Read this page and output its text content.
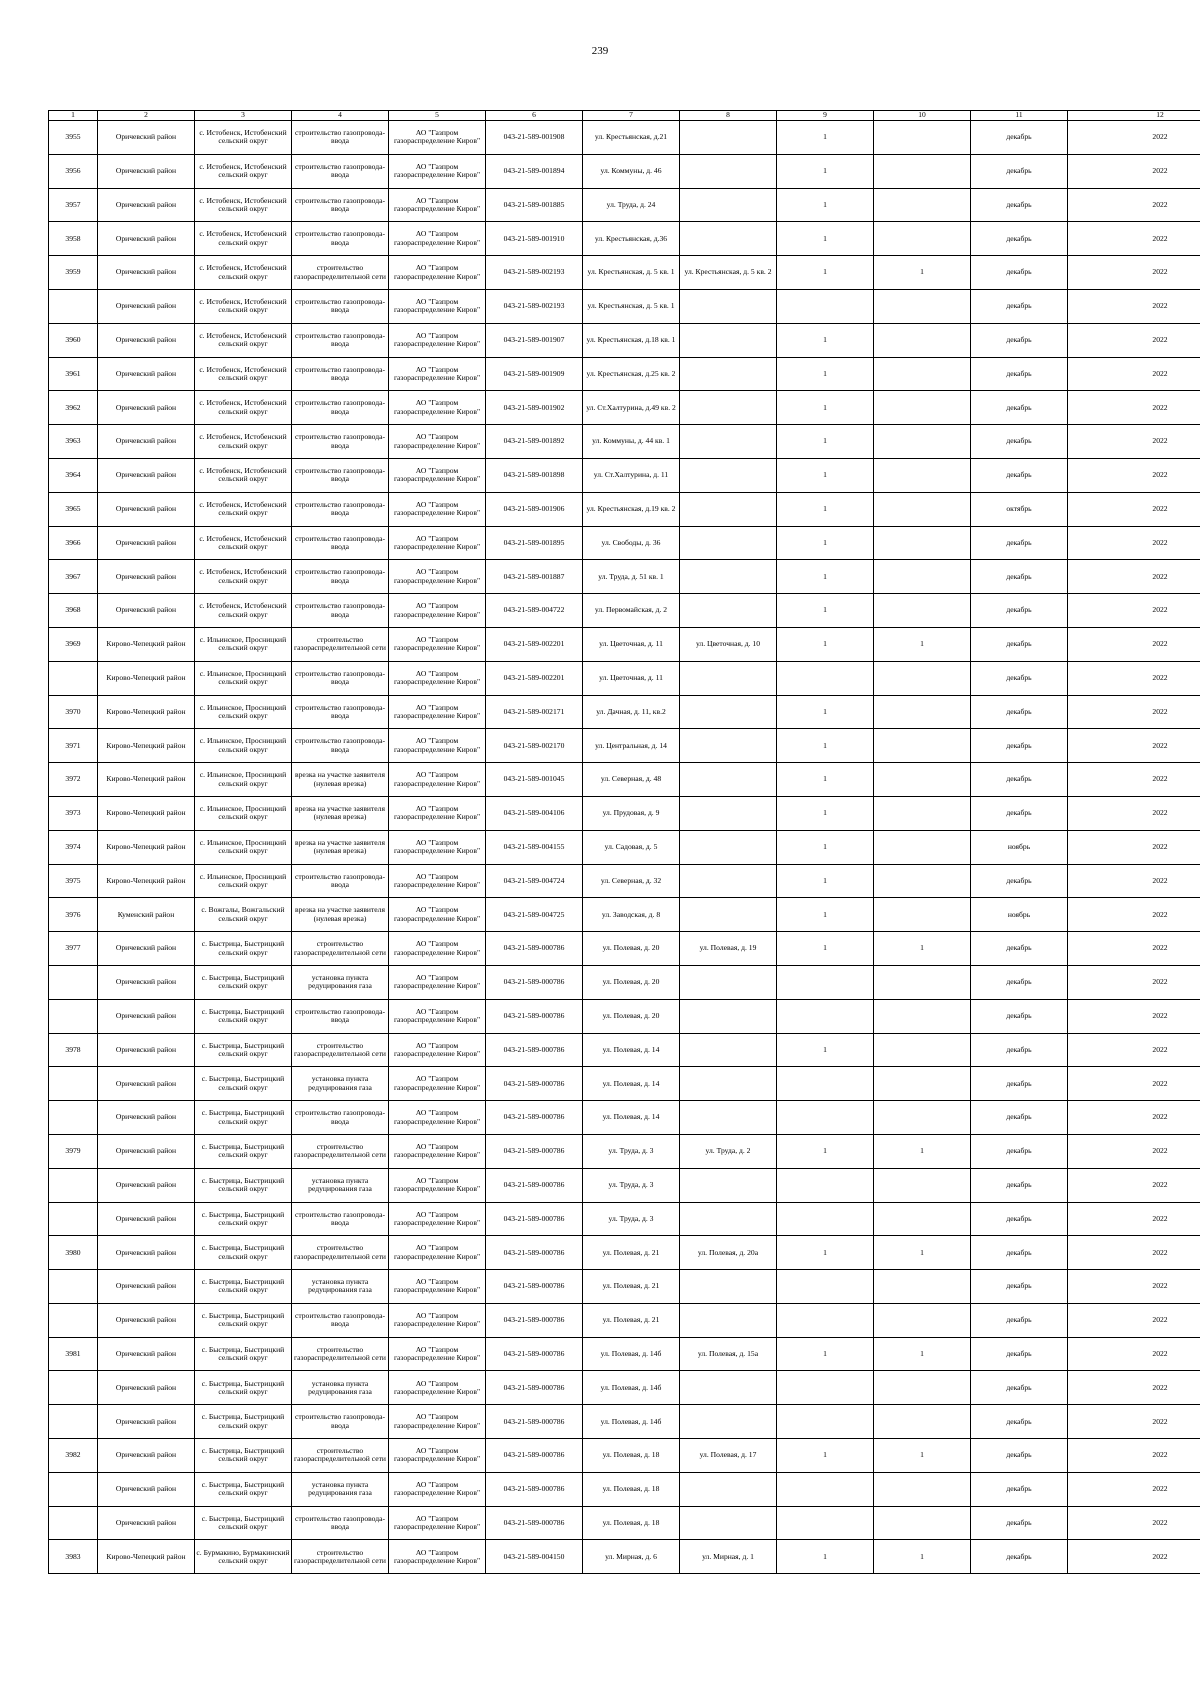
239
1	2	3	4	5	6	7	8	9	10	11	12

3955	Оричевский район	с. Истобенск, Истобенский сельский округ	строительство газопровода-ввода	АО "Газпром газораспределение Киров"	043-21-589-001908	ул. Крестьянская, д.21		1		декабрь	2022

3956	Оричевский район	с. Истобенск, Истобенский сельский округ	строительство газопровода-ввода	АО "Газпром газораспределение Киров"	043-21-589-001894	ул. Коммуны, д. 46		1		декабрь	2022

3957	Оричевский район	с. Истобенск, Истобенский сельский округ	строительство газопровода-ввода	АО "Газпром газораспределение Киров"	043-21-589-001885	ул. Труда, д. 24		1		декабрь	2022

3958	Оричевский район	с. Истобенск, Истобенский сельский округ	строительство газопровода-ввода	АО "Газпром газораспределение Киров"	043-21-589-001910	ул. Крестьянская, д.36		1		декабрь	2022

3959	Оричевский район	с. Истобенск, Истобенский сельский округ	строительство газораспределительной сети	АО "Газпром газораспределение Киров"	043-21-589-002193	ул. Крестьянская, д. 5 кв. 1	ул. Крестьянская, д. 5 кв. 2	1	1	декабрь	2022

	Оричевский район	с. Истобенск, Истобенский сельский округ	строительство газопровода-ввода	АО "Газпром газораспределение Киров"	043-21-589-002193	ул. Крестьянская, д. 5 кв. 1				декабрь	2022

3960	Оричевский район	с. Истобенск, Истобенский сельский округ	строительство газопровода-ввода	АО "Газпром газораспределение Киров"	043-21-589-001907	ул. Крестьянская, д.18 кв. 1		1		декабрь	2022

3961	Оричевский район	с. Истобенск, Истобенский сельский округ	строительство газопровода-ввода	АО "Газпром газораспределение Киров"	043-21-589-001909	ул. Крестьянская, д.25 кв. 2		1		декабрь	2022

3962	Оричевский район	с. Истобенск, Истобенский сельский округ	строительство газопровода-ввода	АО "Газпром газораспределение Киров"	043-21-589-001902	ул. Ст.Халтурина, д.49 кв. 2		1		декабрь	2022

3963	Оричевский район	с. Истобенск, Истобенский сельский округ	строительство газопровода-ввода	АО "Газпром газораспределение Киров"	043-21-589-001892	ул. Коммуны, д. 44 кв. 1		1		декабрь	2022

3964	Оричевский район	с. Истобенск, Истобенский сельский округ	строительство газопровода-ввода	АО "Газпром газораспределение Киров"	043-21-589-001898	ул. Ст.Халтурина, д. 11		1		декабрь	2022

3965	Оричевский район	с. Истобенск, Истобенский сельский округ	строительство газопровода-ввода	АО "Газпром газораспределение Киров"	043-21-589-001906	ул. Крестьянская, д.19 кв. 2		1		октябрь	2022

3966	Оричевский район	с. Истобенск, Истобенский сельский округ	строительство газопровода-ввода	АО "Газпром газораспределение Киров"	043-21-589-001895	ул. Свободы, д. 36		1		декабрь	2022

3967	Оричевский район	с. Истобенск, Истобенский сельский округ	строительство газопровода-ввода	АО "Газпром газораспределение Киров"	043-21-589-001887	ул. Труда, д. 51 кв. 1		1		декабрь	2022

3968	Оричевский район	с. Истобенск, Истобенский сельский округ	строительство газопровода-ввода	АО "Газпром газораспределение Киров"	043-21-589-004722	ул. Первомайская, д. 2		1		декабрь	2022

3969	Кирово-Чепецкий район	с. Ильинское, Просницкий сельский округ	строительство газораспределительной сети	АО "Газпром газораспределение Киров"	043-21-589-002201	ул. Цветочная, д. 11	ул. Цветочная, д. 10	1	1	декабрь	2022

	Кирово-Чепецкий район	с. Ильинское, Просницкий сельский округ	строительство газопровода-ввода	АО "Газпром газораспределение Киров"	043-21-589-002201	ул. Цветочная, д. 11				декабрь	2022

3970	Кирово-Чепецкий район	с. Ильинское, Просницкий сельский округ	строительство газопровода-ввода	АО "Газпром газораспределение Киров"	043-21-589-002171	ул. Дачная, д. 11, кв.2		1		декабрь	2022

3971	Кирово-Чепецкий район	с. Ильинское, Просницкий сельский округ	строительство газопровода-ввода	АО "Газпром газораспределение Киров"	043-21-589-002170	ул. Центральная, д. 14		1		декабрь	2022

3972	Кирово-Чепецкий район	с. Ильинское, Просницкий сельский округ	врезка на участке заявителя (нулевая врезка)	АО "Газпром газораспределение Киров"	043-21-589-001045	ул. Северная, д. 48		1		декабрь	2022

3973	Кирово-Чепецкий район	с. Ильинское, Просницкий сельский округ	врезка на участке заявителя (нулевая врезка)	АО "Газпром газораспределение Киров"	043-21-589-004106	ул. Прудовая, д. 9		1		декабрь	2022

3974	Кирово-Чепецкий район	с. Ильинское, Просницкий сельский округ	врезка на участке заявителя (нулевая врезка)	АО "Газпром газораспределение Киров"	043-21-589-004155	ул. Садовая, д. 5		1		ноябрь	2022

3975	Кирово-Чепецкий район	с. Ильинское, Просницкий сельский округ	строительство газопровода-ввода	АО "Газпром газораспределение Киров"	043-21-589-004724	ул. Северная, д. 32		1		декабрь	2022

3976	Куменский район	с. Вожгалы, Вожгальский сельский округ	врезка на участке заявителя (нулевая врезка)	АО "Газпром газораспределение Киров"	043-21-589-004725	ул. Заводская, д. 8		1		ноябрь	2022

3977	Оричевский район	с. Быстрица, Быстрицкий сельский округ	строительство газораспределительной сети	АО "Газпром газораспределение Киров"	043-21-589-000786	ул. Полевая, д. 20	ул. Полевая, д. 19	1	1	декабрь	2022

	Оричевский район	с. Быстрица, Быстрицкий сельский округ	установка пункта редуцирования газа	АО "Газпром газораспределение Киров"	043-21-589-000786	ул. Полевая, д. 20				декабрь	2022

	Оричевский район	с. Быстрица, Быстрицкий сельский округ	строительство газопровода-ввода	АО "Газпром газораспределение Киров"	043-21-589-000786	ул. Полевая, д. 20				декабрь	2022

3978	Оричевский район	с. Быстрица, Быстрицкий сельский округ	строительство газораспределительной сети	АО "Газпром газораспределение Киров"	043-21-589-000786	ул. Полевая, д. 14		1		декабрь	2022

	Оричевский район	с. Быстрица, Быстрицкий сельский округ	установка пункта редуцирования газа	АО "Газпром газораспределение Киров"	043-21-589-000786	ул. Полевая, д. 14				декабрь	2022

	Оричевский район	с. Быстрица, Быстрицкий сельский округ	строительство газопровода-ввода	АО "Газпром газораспределение Киров"	043-21-589-000786	ул. Полевая, д. 14				декабрь	2022

3979	Оричевский район	с. Быстрица, Быстрицкий сельский округ	строительство газораспределительной сети	АО "Газпром газораспределение Киров"	043-21-589-000786	ул. Труда, д. 3	ул. Труда, д. 2	1	1	декабрь	2022

	Оричевский район	с. Быстрица, Быстрицкий сельский округ	установка пункта редуцирования газа	АО "Газпром газораспределение Киров"	043-21-589-000786	ул. Труда, д. 3				декабрь	2022

	Оричевский район	с. Быстрица, Быстрицкий сельский округ	строительство газопровода-ввода	АО "Газпром газораспределение Киров"	043-21-589-000786	ул. Труда, д. 3				декабрь	2022

3980	Оричевский район	с. Быстрица, Быстрицкий сельский округ	строительство газораспределительной сети	АО "Газпром газораспределение Киров"	043-21-589-000786	ул. Полевая, д. 21	ул. Полевая, д. 20а	1	1	декабрь	2022

	Оричевский район	с. Быстрица, Быстрицкий сельский округ	установка пункта редуцирования газа	АО "Газпром газораспределение Киров"	043-21-589-000786	ул. Полевая, д. 21				декабрь	2022

	Оричевский район	с. Быстрица, Быстрицкий сельский округ	строительство газопровода-ввода	АО "Газпром газораспределение Киров"	043-21-589-000786	ул. Полевая, д. 21				декабрь	2022

3981	Оричевский район	с. Быстрица, Быстрицкий сельский округ	строительство газораспределительной сети	АО "Газпром газораспределение Киров"	043-21-589-000786	ул. Полевая, д. 14б	ул. Полевая, д. 15а	1	1	декабрь	2022

	Оричевский район	с. Быстрица, Быстрицкий сельский округ	установка пункта редуцирования газа	АО "Газпром газораспределение Киров"	043-21-589-000786	ул. Полевая, д. 14б				декабрь	2022

	Оричевский район	с. Быстрица, Быстрицкий сельский округ	строительство газопровода-ввода	АО "Газпром газораспределение Киров"	043-21-589-000786	ул. Полевая, д. 14б				декабрь	2022

3982	Оричевский район	с. Быстрица, Быстрицкий сельский округ	строительство газораспределительной сети	АО "Газпром газораспределение Киров"	043-21-589-000786	ул. Полевая, д. 18	ул. Полевая, д. 17	1	1	декабрь	2022

	Оричевский район	с. Быстрица, Быстрицкий сельский округ	установка пункта редуцирования газа	АО "Газпром газораспределение Киров"	043-21-589-000786	ул. Полевая, д. 18				декабрь	2022

	Оричевский район	с. Быстрица, Быстрицкий сельский округ	строительство газопровода-ввода	АО "Газпром газораспределение Киров"	043-21-589-000786	ул. Полевая, д. 18				декабрь	2022

3983	Кирово-Чепецкий район	с. Бурмакино, Бурмакинский сельский округ	строительство газораспределительной сети	АО "Газпром газораспределение Киров"	043-21-589-004150	ул. Мирная, д. 6	ул. Мирная, д. 1	1	1	декабрь	2022
